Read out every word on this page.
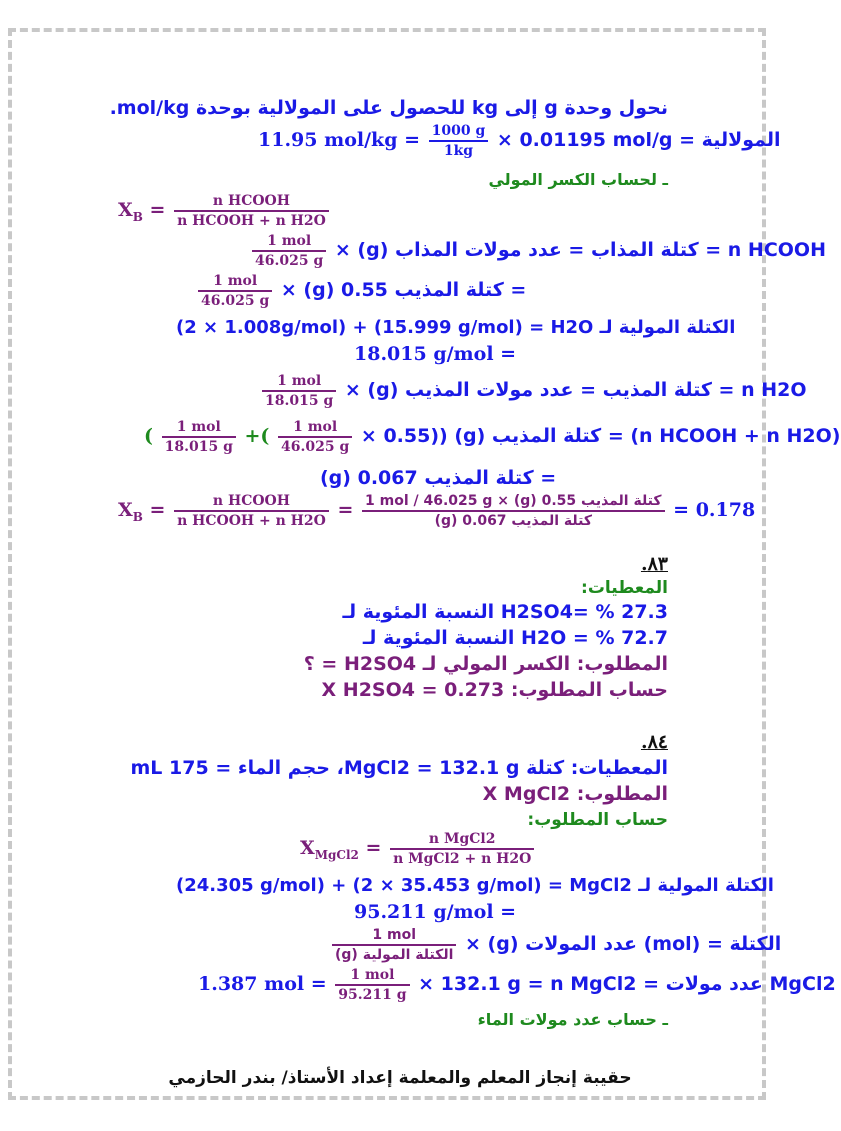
نحول وحدة g إلى kg للحصول على المولالية بوحدة mol/kg.
11.95 $mol/kg = \frac{1000 g}{1kg} \times 0.01195$ mol/g = المولالية
ـ لحساب الكسر المولي
$X_B = \frac{\text{n HCOOH}}{\text{n HCOOH + n H2O}}$
$\frac{\text{1 mol}}{46.025 g} \times (g)$ كتلة المذاب = عدد مولات المذاب = n HCOOH
$\frac{\text{1 mol}}{46.025 g} \times (g)$ كتلة المذيب 0.55 =
(2 × 1.008g/mol) + (15.999 g/mol) = H2O الكتلة المولية لـ
18.015 g/mol =
$\frac{\text{1 mol}}{18.015 g} \times (g)$ كتلة المذيب = عدد مولات المذيب = n H2O
( $\frac{\text{1 mol}}{18.015 g}$ +( $\frac{\text{1 mol}}{46.025 g} \times 0.55$)) (g) كتلة المذيب = (n HCOOH + n H2O)
(g) كتلة المذيب 0.067 =
$X_B = \frac{\text{n HCOOH}}{\text{n HCOOH + n H2O}} = \frac{\text{1 mol / 46.025 g × (g) كتلة المذيب 0.55}}{\text{(g) كتلة المذيب 0.067}} = 0.178$
.٨٣
المعطيات:
27.3 % =H2SO4 النسبة المئوية لـ
72.7 % = H2O النسبة المئوية لـ
المطلوب: الكسر المولي لـ H2SO4 = ؟
حساب المطلوب: X H2SO4 = 0.273
.٨٤
المعطيات: كتلة MgCl2 = 132.1 g، حجم الماء = 175 mL
المطلوب: X MgCl2
حساب المطلوب:
$X_{MgCl2} = \frac{\text{n MgCl2}}{\text{n MgCl2 + n H2O}}$
(24.305 g/mol) + (2 × 35.453 g/mol) = MgCl2 الكتلة المولية لـ
95.211 g/mol =
$\frac{\text{1 mol}}{\text{(g) الكتلة المولية}} \times (g)$ عدد المولات (mol) = الكتلة
1.387 mol = $\frac{\text{1 mol}}{95.211 g} \times 132.1$ g = n MgCl2 = عدد مولات MgCl2
ـ حساب عدد مولات الماء
حقيبة إنجاز المعلم والمعلمة إعداد الأستاذ/ بندر الحازمي
